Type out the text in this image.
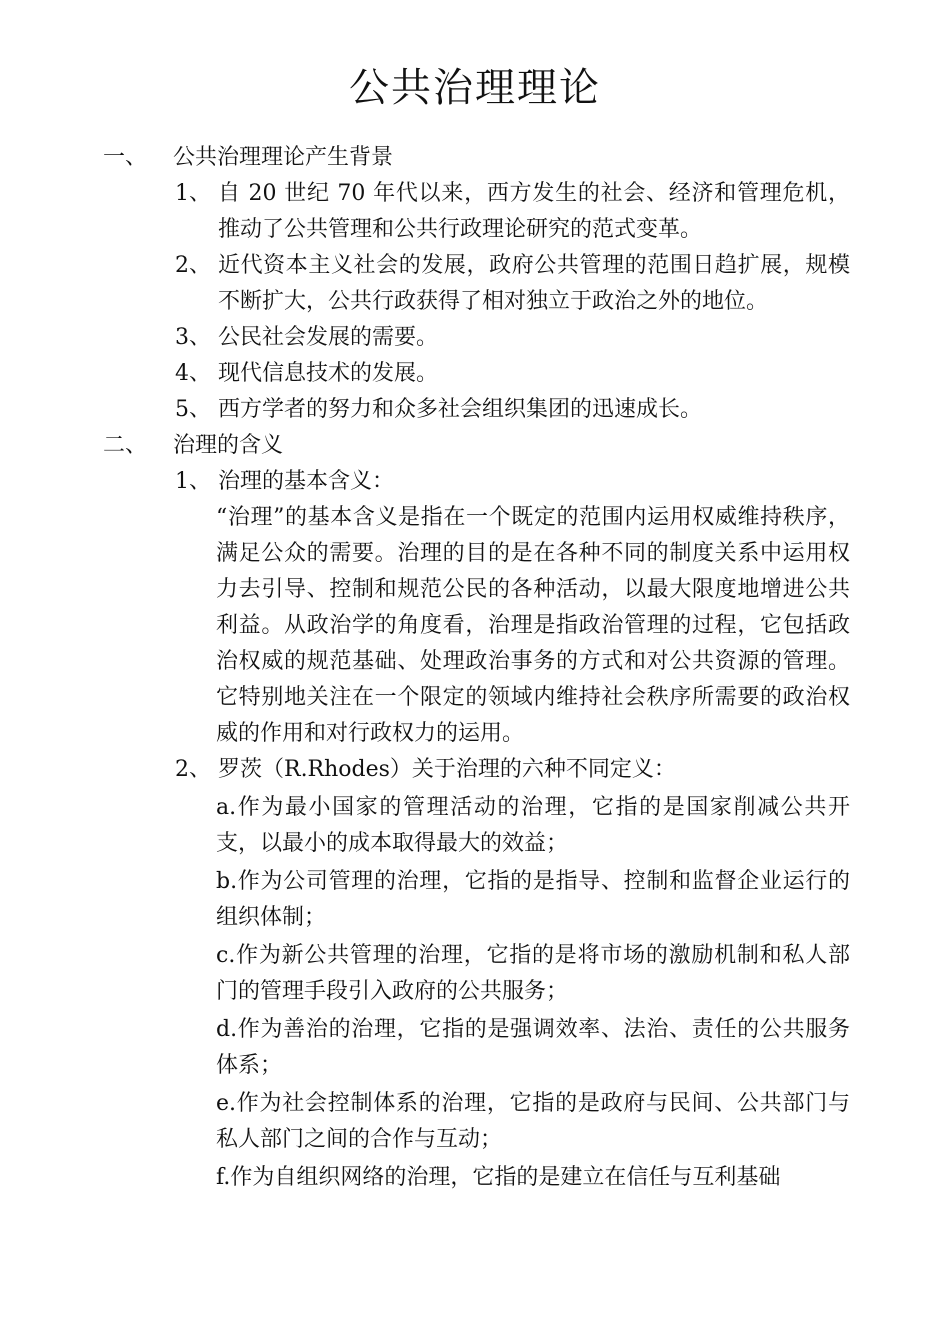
公共治理理论
一、 公共治理理论产生背景
1、 自 20 世纪 70 年代以来，西方发生的社会、经济和管理危机，推动了公共管理和公共行政理论研究的范式变革。
2、 近代资本主义社会的发展，政府公共管理的范围日趋扩展，规模不断扩大，公共行政获得了相对独立于政治之外的地位。
3、 公民社会发展的需要。
4、 现代信息技术的发展。
5、 西方学者的努力和众多社会组织集团的迅速成长。
二、 治理的含义
1、 治理的基本含义：
“治理”的基本含义是指在一个既定的范围内运用权威维持秩序，满足公众的需要。治理的目的是在各种不同的制度关系中运用权力去引导、控制和规范公民的各种活动，以最大限度地增进公共利益。从政治学的角度看，治理是指政治管理的过程，它包括政治权威的规范基础、处理政治事务的方式和对公共资源的管理。它特别地关注在一个限定的领域内维持社会秩序所需要的政治权威的作用和对行政权力的运用。
2、 罗茨（R.Rhodes）关于治理的六种不同定义：
a.作为最小国家的管理活动的治理，它指的是国家削减公共开支，以最小的成本取得最大的效益；
b.作为公司管理的治理，它指的是指导、控制和监督企业运行的组织体制；
c.作为新公共管理的治理，它指的是将市场的激励机制和私人部门的管理手段引入政府的公共服务；
d.作为善治的治理，它指的是强调效率、法治、责任的公共服务体系；
e.作为社会控制体系的治理，它指的是政府与民间、公共部门与私人部门之间的合作与互动；
f.作为自组织网络的治理，它指的是建立在信任与互利基础
